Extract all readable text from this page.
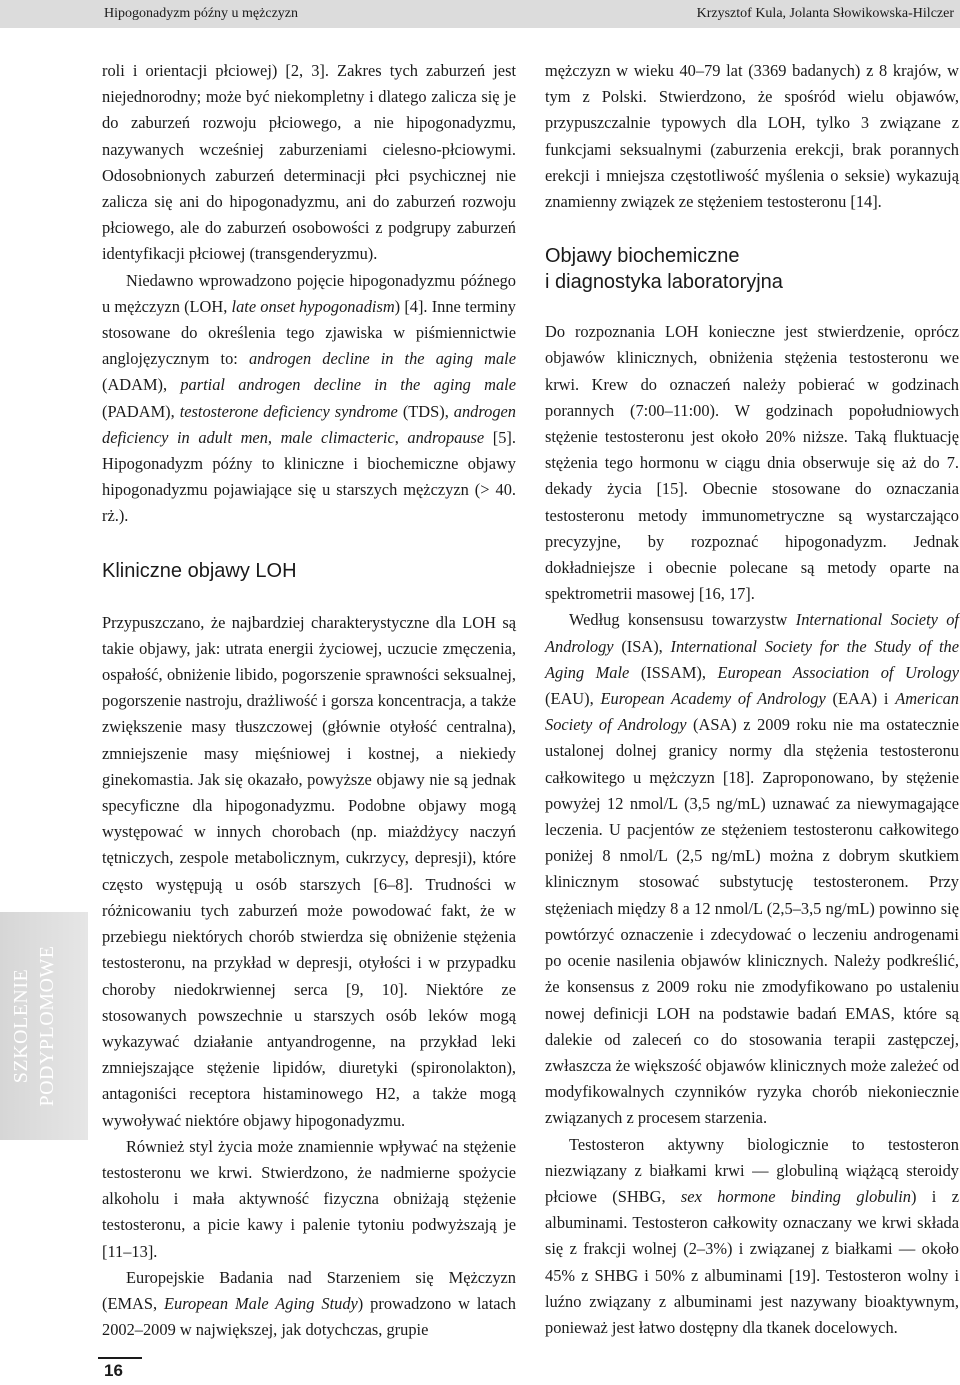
Hipogonadyzm późny u mężczyzn	Krzysztof Kula, Jolanta Słowikowska-Hilczer

roli i orientacji płciowej) [2, 3]. Zakres tych zaburzeń jest niejednorodny; może być niekompletny i dlatego zalicza się je do zaburzeń rozwoju płciowego, a nie hipogonadyzmu, nazywanych wcześniej zaburzeniami cielesno-płciowymi. Odosobnionych zaburzeń determinacji płci psychicznej nie zalicza się ani do hipogonadyzmu, ani do zaburzeń rozwoju płciowego, ale do zaburzeń osobowości z podgrupy zaburzeń identyfikacji płciowej (transgenderyzmu).

Niedawno wprowadzono pojęcie hipogonadyzmu późnego u mężczyzn (LOH, late onset hypogonadism) [4]. Inne terminy stosowane do określenia tego zjawiska w piśmiennictwie anglojęzycznym to: androgen decline in the aging male (ADAM), partial androgen decline in the aging male (PADAM), testosterone deficiency syndrome (TDS), androgen deficiency in adult men, male climacteric, andropause [5]. Hipogonadyzm późny to kliniczne i biochemiczne objawy hipogonadyzmu pojawiające się u starszych mężczyzn (> 40. rż.).

Kliniczne objawy LOH

Przypuszczano, że najbardziej charakterystyczne dla LOH są takie objawy, jak: utrata energii życiowej, uczucie zmęczenia, ospałość, obniżenie libido, pogorszenie sprawności seksualnej, pogorszenie nastroju, drażliwość i gorsza koncentracja, a także zwiększenie masy tłuszczowej (głównie otyłość centralna), zmniejszenie masy mięśniowej i kostnej, a niekiedy ginekomastia. Jak się okazało, powyższe objawy nie są jednak specyficzne dla hipogonadyzmu. Podobne objawy mogą występować w innych chorobach (np. miażdżycy naczyń tętniczych, zespole metabolicznym, cukrzycy, depresji), które często występują u osób starszych [6–8]. Trudności w różnicowaniu tych zaburzeń może powodować fakt, że w przebiegu niektórych chorób stwierdza się obniżenie stężenia testosteronu, na przykład w depresji, otyłości i w przypadku choroby niedokrwiennej serca [9, 10]. Niektóre ze stosowanych powszechnie u starszych osób leków mogą wykazywać działanie antyandrogenne, na przykład leki zmniejszające stężenie lipidów, diuretyki (spironolakton), antagoniści receptora histaminowego H2, a także mogą wywoływać niektóre objawy hipogonadyzmu.

Również styl życia może znamiennie wpływać na stężenie testosteronu we krwi. Stwierdzono, że nadmierne spożycie alkoholu i mała aktywność fizyczna obniżają stężenie testosteronu, a picie kawy i palenie tytoniu podwyższają je [11–13].

Europejskie Badania nad Starzeniem się Mężczyzn (EMAS, European Male Aging Study) prowadzono w latach 2002–2009 w największej, jak dotychczas, grupie

mężczyzn w wieku 40–79 lat (3369 badanych) z 8 krajów, w tym z Polski. Stwierdzono, że spośród wielu objawów, przypuszczalnie typowych dla LOH, tylko 3 związane z funkcjami seksualnymi (zaburzenia erekcji, brak porannych erekcji i mniejsza częstotliwość myślenia o seksie) wykazują znamienny związek ze stężeniem testosteronu [14].

Objawy biochemiczne
i diagnostyka laboratoryjna

Do rozpoznania LOH konieczne jest stwierdzenie, oprócz objawów klinicznych, obniżenia stężenia testosteronu we krwi. Krew do oznaczeń należy pobierać w godzinach porannych (7:00–11:00). W godzinach popołudniowych stężenie testosteronu jest około 20% niższe. Taką fluktuację stężenia tego hormonu w ciągu dnia obserwuje się aż do 7. dekady życia [15]. Obecnie stosowane do oznaczania testosteronu metody immunometryczne są wystarczająco precyzyjne, by rozpoznać hipogonadyzm. Jednak dokładniejsze i obecnie polecane są metody oparte na spektrometrii masowej [16, 17].

Według konsensusu towarzystw International Society of Andrology (ISA), International Society for the Study of the Aging Male (ISSAM), European Association of Urology (EAU), European Academy of Andrology (EAA) i American Society of Andrology (ASA) z 2009 roku nie ma ostatecznie ustalonej dolnej granicy normy dla stężenia testosteronu całkowitego u mężczyzn [18]. Zaproponowano, by stężenie powyżej 12 nmol/L (3,5 ng/mL) uznawać za niewymagające leczenia. U pacjentów ze stężeniem testosteronu całkowitego poniżej 8 nmol/L (2,5 ng/mL) można z dobrym skutkiem klinicznym stosować substytucję testosteronem. Przy stężeniach między 8 a 12 nmol/L (2,5–3,5 ng/mL) powinno się powtórzyć oznaczenie i zdecydować o leczeniu androgenami po ocenie nasilenia objawów klinicznych. Należy podkreślić, że konsensus z 2009 roku nie zmodyfikowano po ustaleniu nowej definicji LOH na podstawie badań EMAS, które są dalekie od zaleceń co do stosowania terapii zastępczej, zwłaszcza że większość objawów klinicznych może zależeć od modyfikowalnych czynników ryzyka chorób niekoniecznie związanych z procesem starzenia.

Testosteron aktywny biologicznie to testosteron niezwiązany z białkami krwi — globuliną wiążącą steroidy płciowe (SHBG, sex hormone binding globulin) i z albuminami. Testosteron całkowity oznaczany we krwi składa się z frakcji wolnej (2–3%) i związanej z białkami — około 45% z SHBG i 50% z albuminami [19]. Testosteron wolny i luźno związany z albuminami jest nazywany bioaktywnym, ponieważ jest łatwo dostępny dla tkanek docelowych.

SZKOLENIE PODYPLOMOWE
16
